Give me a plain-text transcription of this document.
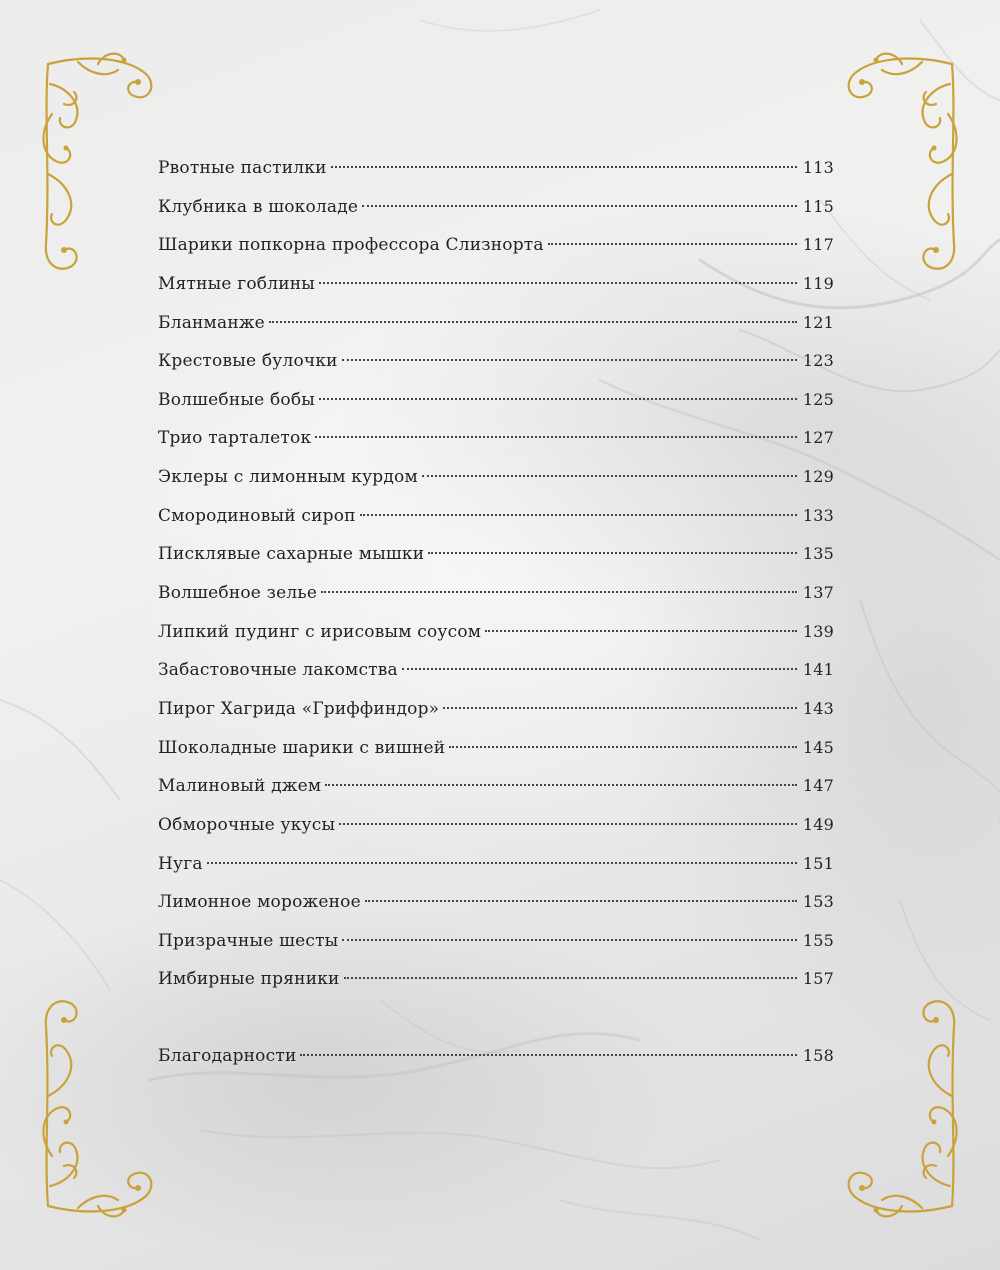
Рвотные пастилки	113
Клубника в шоколаде	115
Шарики попкорна профессора Слизнорта	117
Мятные гоблины	119
Бланманже	121
Крестовые булочки	123
Волшебные бобы	125
Трио тарталеток	127
Эклеры с лимонным курдом	129
Смородиновый сироп	133
Писклявые сахарные мышки	135
Волшебное зелье	137
Липкий пудинг с ирисовым соусом	139
Забастовочные лакомства	141
Пирог Хагрида «Гриффиндор»	143
Шоколадные шарики с вишней	145
Малиновый джем	147
Обморочные укусы	149
Нуга	151
Лимонное мороженое	153
Призрачные шесты	155
Имбирные пряники	157
Благодарности	158
